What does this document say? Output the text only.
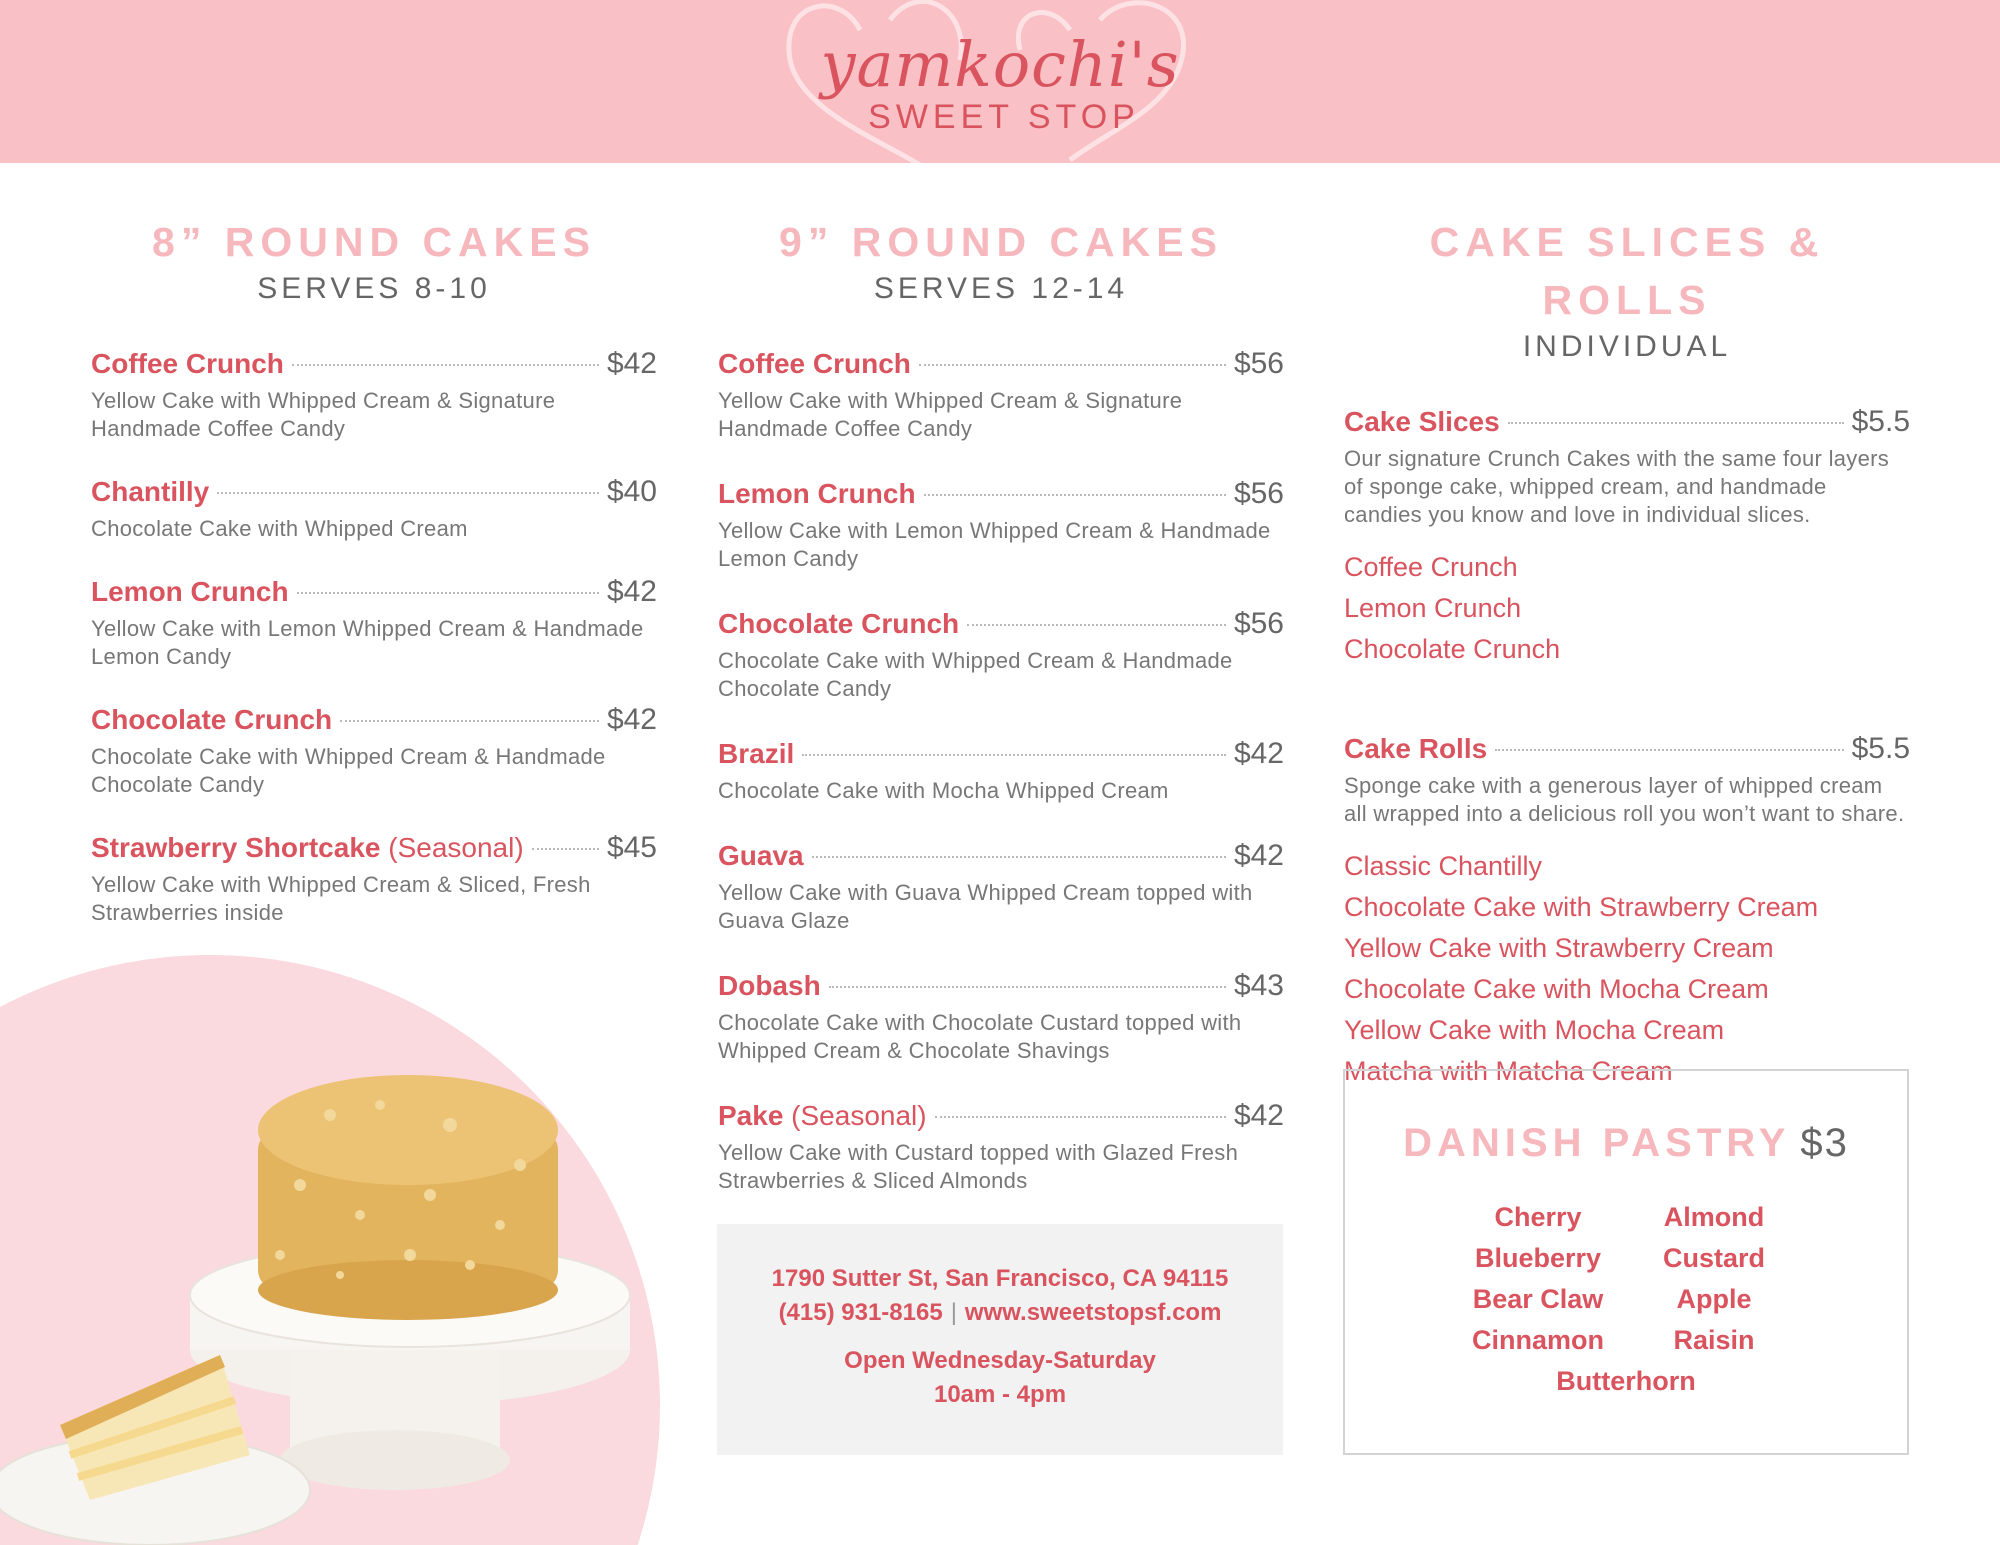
yamkochi's
SWEET STOP
8” ROUND CAKES
SERVES 8-10
Coffee Crunch	$42
Yellow Cake with Whipped Cream & Signature Handmade Coffee Candy
Chantilly	$40
Chocolate Cake with Whipped Cream
Lemon Crunch	$42
Yellow Cake with Lemon Whipped Cream & Handmade Lemon Candy
Chocolate Crunch	$42
Chocolate Cake with Whipped Cream & Handmade Chocolate Candy
Strawberry Shortcake (Seasonal)	$45
Yellow Cake with Whipped Cream & Sliced, Fresh Strawberries inside
9” ROUND CAKES
SERVES 12-14
Coffee Crunch	$56
Yellow Cake with Whipped Cream & Signature Handmade Coffee Candy
Lemon Crunch	$56
Yellow Cake with Lemon Whipped Cream & Handmade Lemon Candy
Chocolate Crunch	$56
Chocolate Cake with Whipped Cream & Handmade Chocolate Candy
Brazil	$42
Chocolate Cake with Mocha Whipped Cream
Guava	$42
Yellow Cake with Guava Whipped Cream topped with Guava Glaze
Dobash	$43
Chocolate Cake with Chocolate Custard topped with Whipped Cream & Chocolate Shavings
Pake (Seasonal)	$42
Yellow Cake with Custard topped with Glazed Fresh Strawberries & Sliced Almonds
CAKE SLICES & ROLLS
INDIVIDUAL
Cake Slices	$5.5
Our signature Crunch Cakes with the same four layers of sponge cake, whipped cream, and handmade candies you know and love in individual slices.
Coffee Crunch
Lemon Crunch
Chocolate Crunch
Cake Rolls	$5.5
Sponge cake with a generous layer of whipped cream all wrapped into a delicious roll you won’t want to share.
Classic Chantilly
Chocolate Cake with Strawberry Cream
Yellow Cake with Strawberry Cream
Chocolate Cake with Mocha Cream
Yellow Cake with Mocha Cream
Matcha with Matcha Cream
1790 Sutter St, San Francisco, CA 94115
(415) 931-8165 | www.sweetstopsf.com
Open Wednesday-Saturday
10am - 4pm
DANISH PASTRY $3
Cherry	Almond
Blueberry	Custard
Bear Claw	Apple
Cinnamon	Raisin
Butterhorn
